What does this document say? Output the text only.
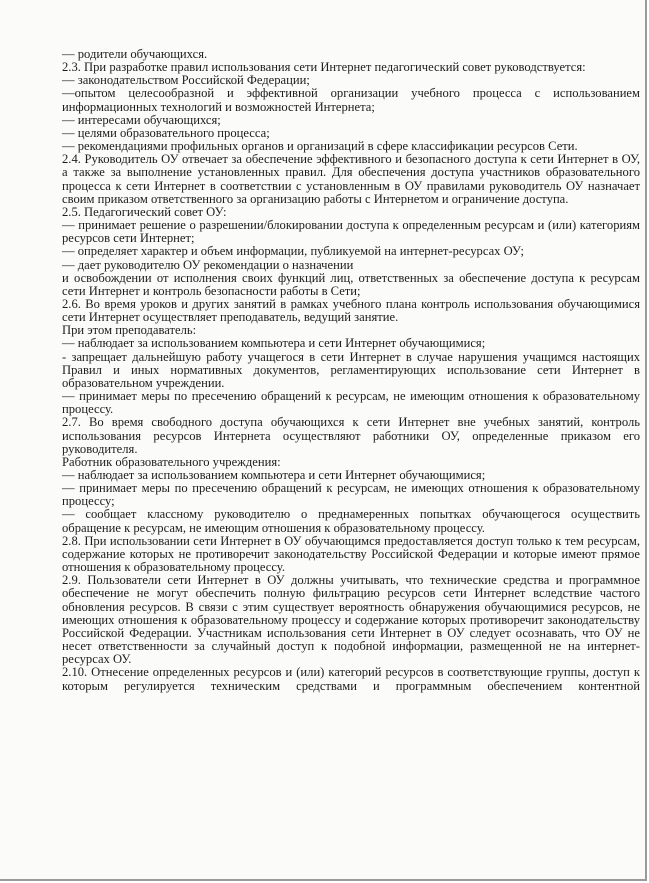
— родители обучающихся.

2.3. При разработке правил использования сети Интернет педагогический совет руководствуется:

— законодательством Российской Федерации;

—опытом целесообразной и эффективной организации учебного процесса с использованием информационных технологий и возможностей Интернета;

— интересами обучающихся;

— целями образовательного процесса;

— рекомендациями профильных органов и организаций в сфере классификации ресурсов Сети.

2.4. Руководитель ОУ отвечает за обеспечение эффективного и безопасного доступа к сети Интернет в ОУ, а также за выполнение установленных правил. Для обеспечения доступа участников образовательного процесса к сети Интернет в соответствии с установленным в ОУ правилами руководитель ОУ назначает своим приказом ответственного за организацию работы с Интернетом и ограничение доступа.

2.5. Педагогический совет ОУ:

— принимает решение о разрешении/блокировании доступа к определенным ресурсам и (или) категориям ресурсов сети Интернет;

— определяет характер и объем информации, публикуемой на интернет-ресурсах ОУ;

— дает руководителю ОУ рекомендации о назначении

и освобождении от исполнения своих функций лиц, ответственных за обеспечение доступа к ресурсам сети Интернет и контроль безопасности работы в Сети;

2.6. Во время уроков и других занятий в рамках учебного плана контроль использования обучающимися сети Интернет осуществляет преподаватель, ведущий занятие.

При этом преподаватель:

— наблюдает за использованием компьютера и сети Интернет обучающимися;

- запрещает дальнейшую работу учащегося в сети Интернет в случае нарушения учащимся настоящих Правил и иных нормативных документов, регламентирующих использование сети Интернет в образовательном учреждении.

— принимает меры по пресечению обращений к ресурсам, не имеющим отношения к образовательному процессу.

2.7. Во время свободного доступа обучающихся к сети Интернет вне учебных занятий, контроль использования ресурсов Интернета осуществляют работники ОУ, определенные приказом его руководителя.

Работник образовательного учреждения:

— наблюдает за использованием компьютера и сети Интернет обучающимися;

— принимает меры по пресечению обращений к ресурсам, не имеющих отношения к образовательному процессу;

— сообщает классному руководителю о преднамеренных попытках обучающегося осуществить обращение к ресурсам, не имеющим отношения к образовательному процессу.

2.8. При использовании сети Интернет в ОУ обучающимся предоставляется доступ только к тем ресурсам, содержание которых не противоречит законодательству Российской Федерации и которые имеют прямое отношения к образовательному процессу.

2.9. Пользователи сети Интернет в ОУ должны учитывать, что технические средства и программное обеспечение не могут обеспечить полную фильтрацию ресурсов сети Интернет вследствие частого обновления ресурсов. В связи с этим существует вероятность обнаружения обучающимися ресурсов, не имеющих отношения к образовательному процессу и содержание которых противоречит законодательству Российской Федерации. Участникам использования сети Интернет в ОУ следует осознавать, что ОУ не несет ответственности за случайный доступ к подобной информации, размещенной не на интернет-ресурсах ОУ.

2.10. Отнесение определенных ресурсов и (или) категорий ресурсов в соответствующие группы, доступ к которым регулируется техническим средствами и программным обеспечением контентной
